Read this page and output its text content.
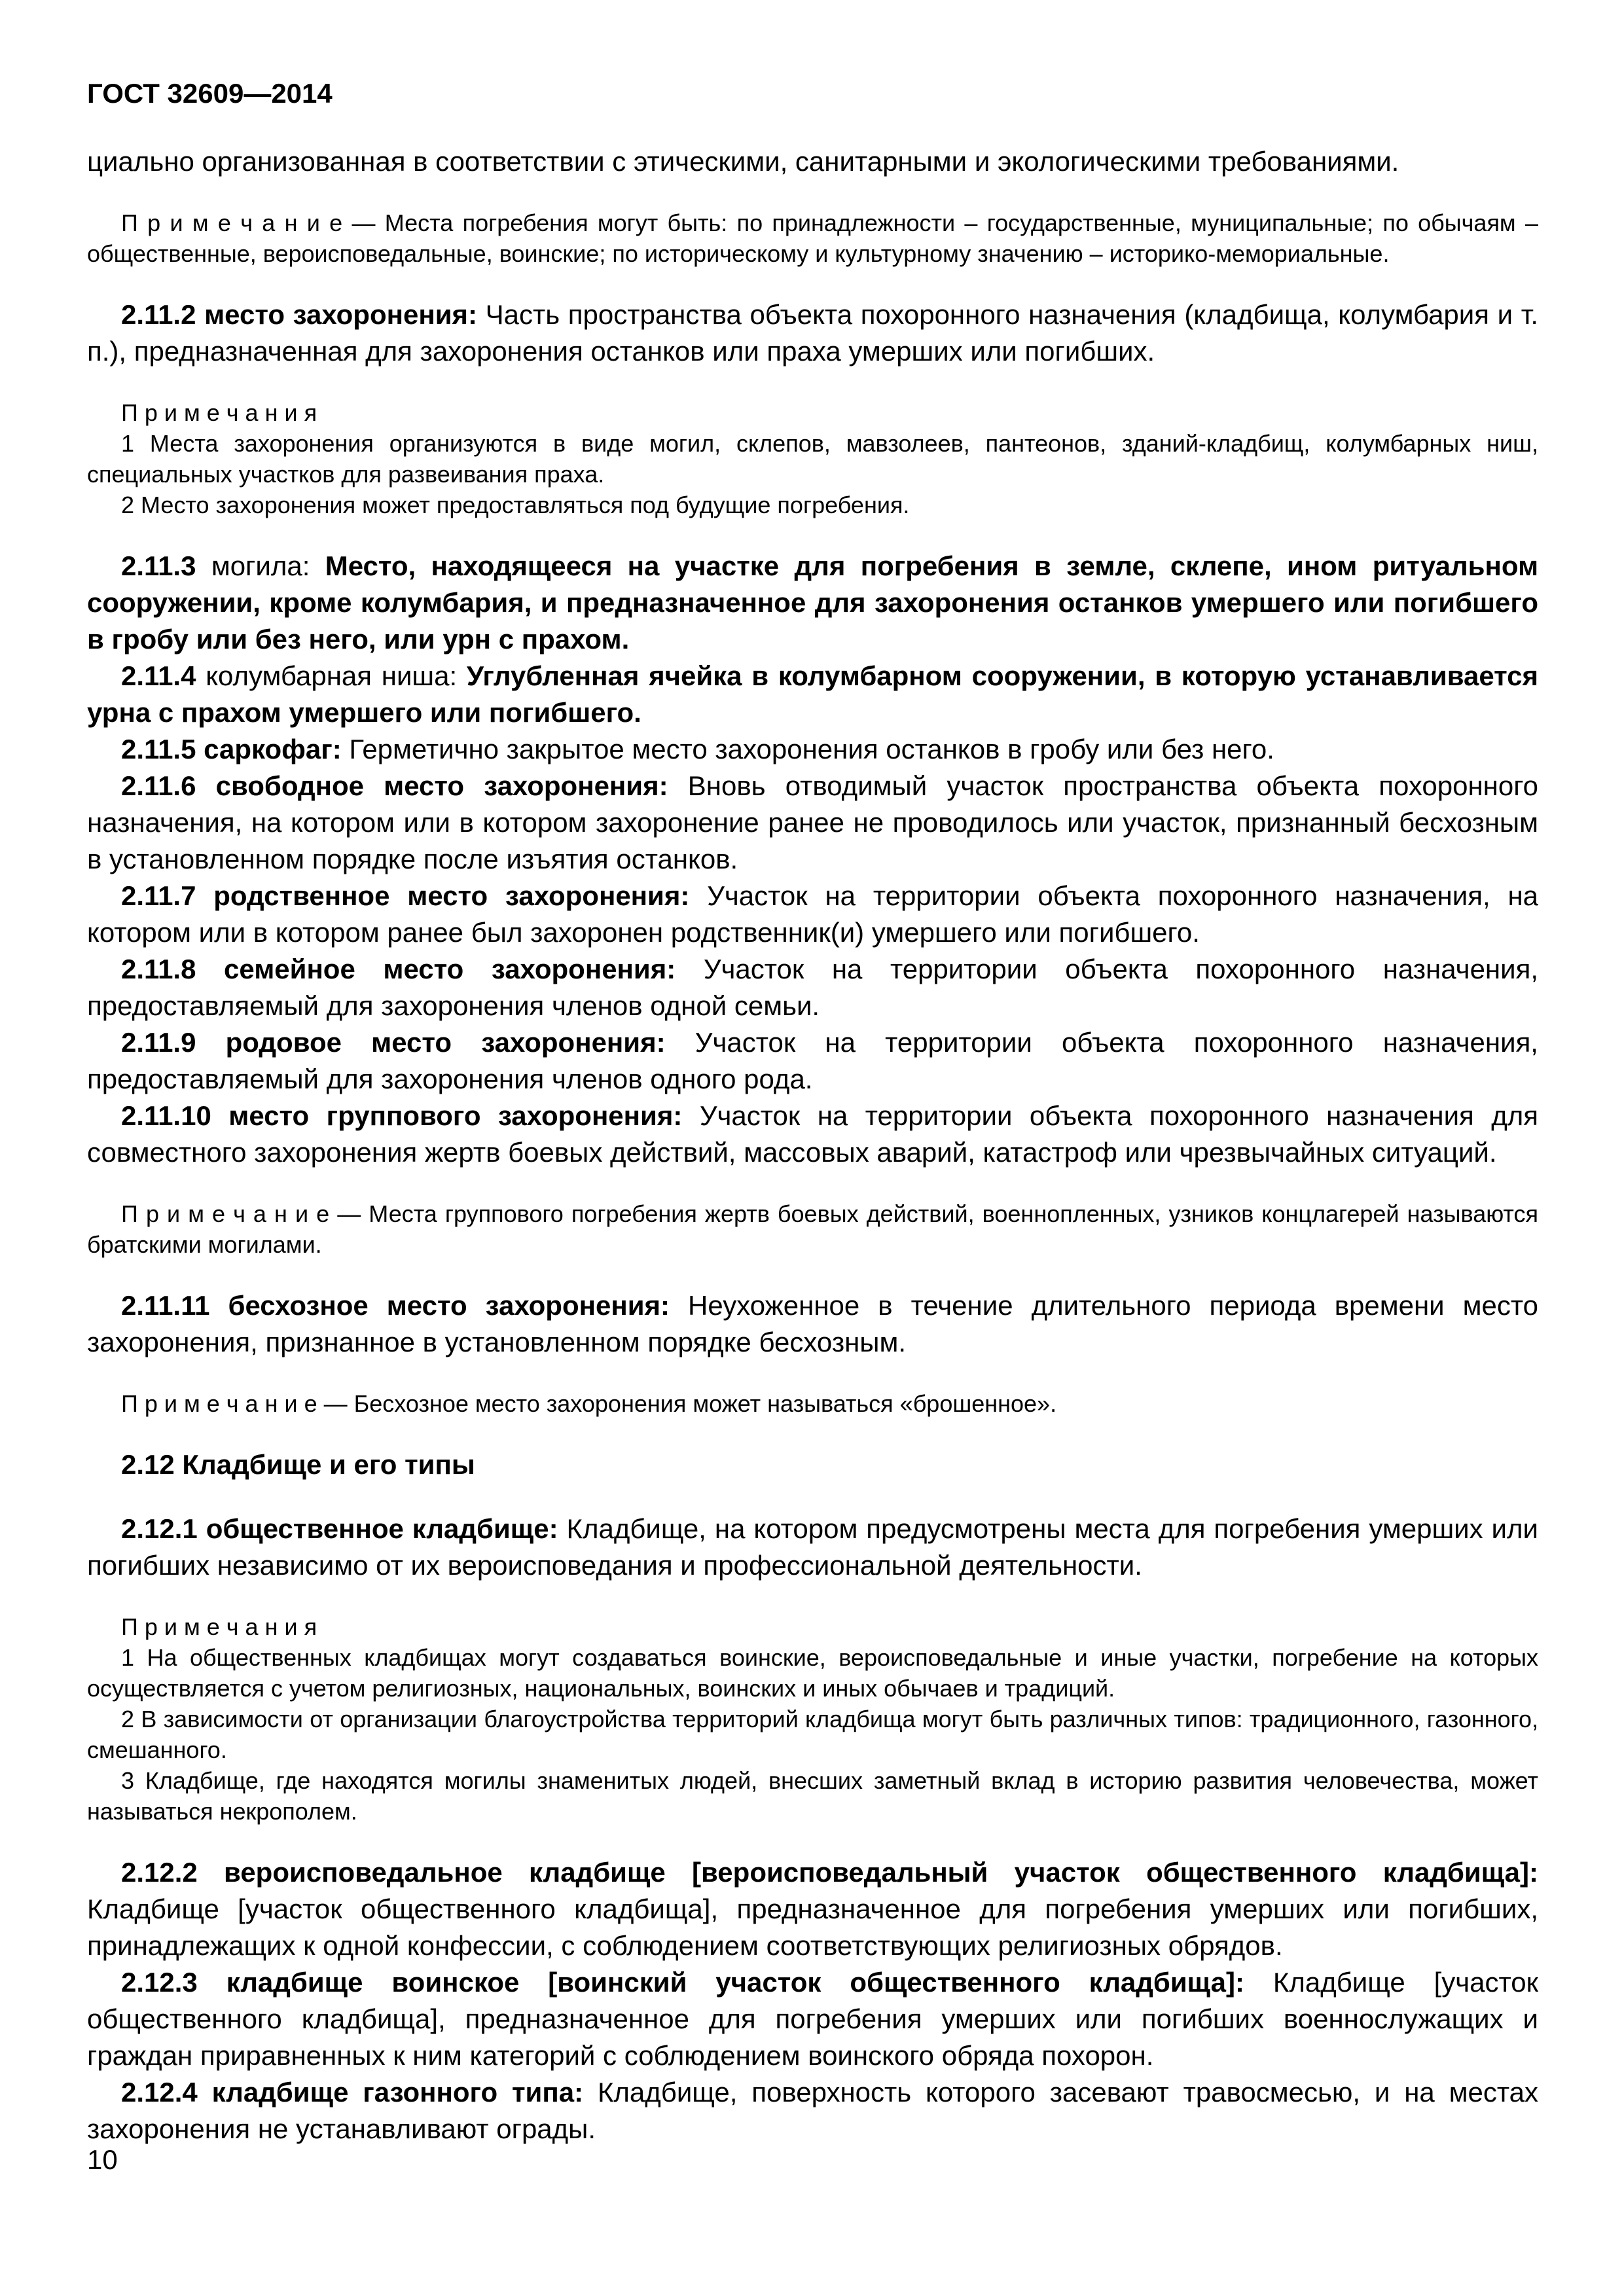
ГОСТ 32609—2014

циально организованная в соответствии с этическими, санитарными и экологическими требованиями.

П р и м е ч а н и е — Места погребения могут быть: по принадлежности – государственные, муниципальные; по обычаям – общественные, вероисповедальные, воинские; по историческому и культурному значению – историко-мемориальные.

2.11.2 место захоронения: Часть пространства объекта похоронного назначения (кладбища, колумбария и т. п.), предназначенная для захоронения останков или праха умерших или погибших.

П р и м е ч а н и я

1 Места захоронения организуются в виде могил, склепов, мавзолеев, пантеонов, зданий-кладбищ, колумбарных ниш, специальных участков для развеивания праха.

2 Место захоронения может предоставляться под будущие погребения.

2.11.3 могила: Место, находящееся на участке для погребения в земле, склепе, ином ритуальном сооружении, кроме колумбария, и предназначенное для захоронения останков умершего или погибшего в гробу или без него, или урн с прахом.

2.11.4 колумбарная ниша: Углубленная ячейка в колумбарном сооружении, в которую устанавливается урна с прахом умершего или погибшего.

2.11.5 саркофаг: Герметично закрытое место захоронения останков в гробу или без него.

2.11.6 свободное место захоронения: Вновь отводимый участок пространства объекта похоронного назначения, на котором или в котором захоронение ранее не проводилось или участок, признанный бесхозным в установленном порядке после изъятия останков.

2.11.7 родственное место захоронения: Участок на территории объекта похоронного назначения, на котором или в котором ранее был захоронен родственник(и) умершего или погибшего.

2.11.8 семейное место захоронения: Участок на территории объекта похоронного назначения, предоставляемый для захоронения членов одной семьи.

2.11.9 родовое место захоронения: Участок на территории объекта похоронного назначения, предоставляемый для захоронения членов одного рода.

2.11.10 место группового захоронения: Участок на территории объекта похоронного назначения для совместного захоронения жертв боевых действий, массовых аварий, катастроф или чрезвычайных ситуаций.

П р и м е ч а н и е — Места группового погребения жертв боевых действий, военнопленных, узников концлагерей называются братскими могилами.

2.11.11 бесхозное место захоронения: Неухоженное в течение длительного периода времени место захоронения, признанное в установленном порядке бесхозным.

П р и м е ч а н и е — Бесхозное место захоронения может называться «брошенное».

2.12 Кладбище и его типы

2.12.1 общественное кладбище: Кладбище, на котором предусмотрены места для погребения умерших или погибших независимо от их вероисповедания и профессиональной деятельности.

П р и м е ч а н и я

1 На общественных кладбищах могут создаваться воинские, вероисповедальные и иные участки, погребение на которых осуществляется с учетом религиозных, национальных, воинских и иных обычаев и традиций.

2 В зависимости от организации благоустройства территорий кладбища могут быть различных типов: традиционного, газонного, смешанного.

3 Кладбище, где находятся могилы знаменитых людей, внесших заметный вклад в историю развития человечества, может называться некрополем.

2.12.2 вероисповедальное кладбище [вероисповедальный участок общественного кладбища]: Кладбище [участок общественного кладбища], предназначенное для погребения умерших или погибших, принадлежащих к одной конфессии, с соблюдением соответствующих религиозных обрядов.

2.12.3 кладбище воинское [воинский участок общественного кладбища]: Кладбище [участок общественного кладбища], предназначенное для погребения умерших или погибших военнослужащих и граждан приравненных к ним категорий с соблюдением воинского обряда похорон.

2.12.4 кладбище газонного типа: Кладбище, поверхность которого засевают травосмесью, и на местах захоронения не устанавливают ограды.

10
